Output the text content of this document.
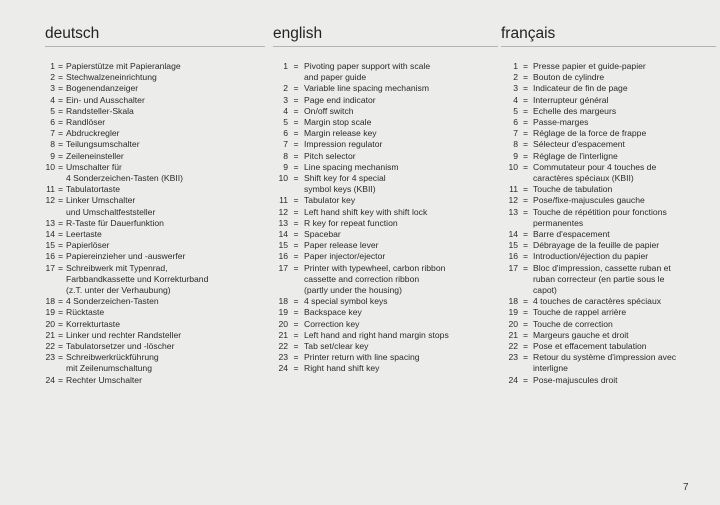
deutsch
1 = Papierstütze mit Papieranlage
2 = Stechwalzeneinrichtung
3 = Bogenendanzeiger
4 = Ein- und Ausschalter
5 = Randsteller-Skala
6 = Randlöser
7 = Abdruckregler
8 = Teilungsumschalter
9 = Zeileneinsteller
10 = Umschalter für
4 Sonderzeichen-Tasten (KBII)
11 = Tabulatortaste
12 = Linker Umschalter
und Umschaltfeststeller
13 = R-Taste für Dauerfunktion
14 = Leertaste
15 = Papierlöser
16 = Papiereinzieher und -auswerfer
17 = Schreibwerk mit Typenrad,
Farbbandkassette und Korrekturband
(z.T. unter der Verhaubung)
18 = 4 Sonderzeichen-Tasten
19 = Rücktaste
20 = Korrekturtaste
21 = Linker und rechter Randsteller
22 = Tabulatorsetzer und -löscher
23 = Schreibwerkrückführung
mit Zeilenumschaltung
24 = Rechter Umschalter
english
1 = Pivoting paper support with scale
and paper guide
2 = Variable line spacing mechanism
3 = Page end indicator
4 = On/off switch
5 = Margin stop scale
6 = Margin release key
7 = Impression regulator
8 = Pitch selector
9 = Line spacing mechanism
10 = Shift key for 4 special
symbol keys (KBII)
11 = Tabulator key
12 = Left hand shift key with shift lock
13 = R key for repeat function
14 = Spacebar
15 = Paper release lever
16 = Paper injector/ejector
17 = Printer with typewheel, carbon ribbon
cassette and correction ribbon
(partly under the housing)
18 = 4 special symbol keys
19 = Backspace key
20 = Correction key
21 = Left hand and right hand margin stops
22 = Tab set/clear key
23 = Printer return with line spacing
24 = Right hand shift key
français
1 = Presse papier et guide-papier
2 = Bouton de cylindre
3 = Indicateur de fin de page
4 = Interrupteur général
5 = Echelle des margeurs
6 = Passe-marges
7 = Réglage de la force de frappe
8 = Sélecteur d'espacement
9 = Réglage de l'interligne
10 = Commutateur pour 4 touches de
caractères spéciaux (KBII)
11 = Touche de tabulation
12 = Pose/fixe-majuscules gauche
13 = Touche de répétition pour fonctions
permanentes
14 = Barre d'espacement
15 = Débrayage de la feuille de papier
16 = Introduction/éjection du papier
17 = Bloc d'impression, cassette ruban et
ruban correcteur (en partie sous le
capot)
18 = 4 touches de caractères spéciaux
19 = Touche de rappel arrière
20 = Touche de correction
21 = Margeurs gauche et droit
22 = Pose et effacement tabulation
23 = Retour du système d'impression avec
interligne
24 = Pose-majuscules droit
7
